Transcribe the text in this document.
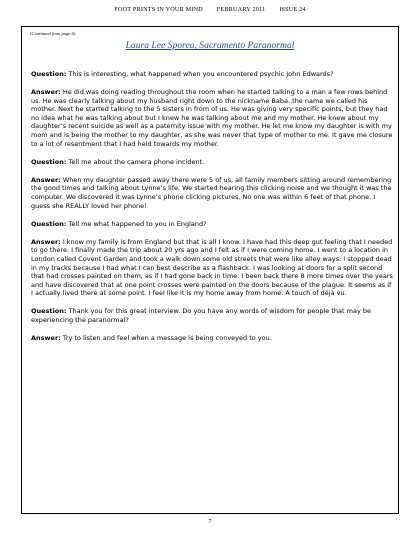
FOOT PRINTS IN YOUR MIND FEBRUARY 2011 ISSUE 24
(Continued from page 6)
Laura Lee Sporea, Sacramento Paranormal

Question: This is interesting, what happened when you encountered psychic John Edwards?

Answer: He did was doing reading throughout the room when he started talking to a man a few rows behind us. He was clearly talking about my husband right down to the nickname Baba..the name we called his mother. Next he started talking to the 5 sisters in from of us. He was giving very specific points, but they had no idea what he was talking about but I knew he was talking about me and my mother. He knew about my daughter’s recent suicide as well as a paternity issue with my mother. He let me know my daughter is with my mom and is being the mother to my daughter, as she was never that type of mother to me. It gave me closure to a lot of resentment that I had held towards my mother.

Question: Tell me about the camera phone incident.

Answer: When my daughter passed away there were 5 of us, all family members sitting around remembering the good times and talking about Lynne’s life. We started hearing this clicking noise and we thought it was the computer. We discovered it was Lynne’s phone clicking pictures. No one was within 6 feet of that phone. I guess she REALLY loved her phone!

Question: Tell me what happened to you in England?

Answer: I know my family is from England but that is all I know. I have had this deep gut feeling that I needed to go there. I finally made the trip about 20 yrs ago and I felt as if I were coming home. I went to a location in London called Covent Garden and took a walk down some old streets that were like alley ways. I stopped dead in my tracks because I had what I can best describe as a flashback. I was looking at doors for a split second that had crosses painted on them, as if I had gone back in time. I been back there 8 more times over the years and have discovered that at one point crosses were painted on the doors because of the plague. It seems as if I actually lived there at some point. I feel like it is my home away from home. A touch of déjà vu.

Question: Thank you for this great interview. Do you have any words of wisdom for people that may be experiencing the paranormal?

Answer: Try to listen and feel when a message is being conveyed to you.

7
